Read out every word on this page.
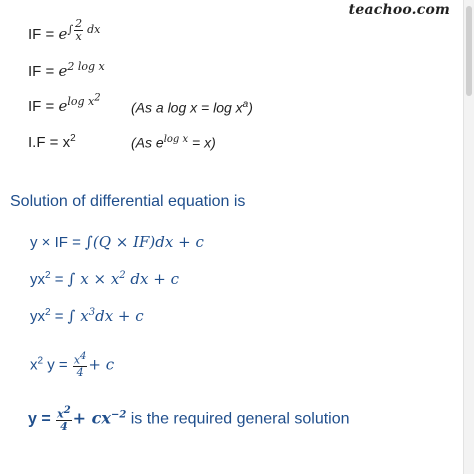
teachoo.com
IF = $e^{\int \frac{2}{x} dx}$
IF = $e^{2 log x}$
IF = $e^{log x^2}$
(As a $\log x = \log x^a$)
$I.F = x^2$	(As $e^{log x} = x$)
Solution of differential equation is
y × IF = ∫(Q × IF)dx + c
$yx^2$ = ∫ $x \times x^2$ dx + c
$yx^2$ = ∫ $x^3dx + c$
$x^2$ $y = \frac{x^4}{4} + c$
$y = \frac{x^2}{4} + cx^{-2}$ is the required general solution
